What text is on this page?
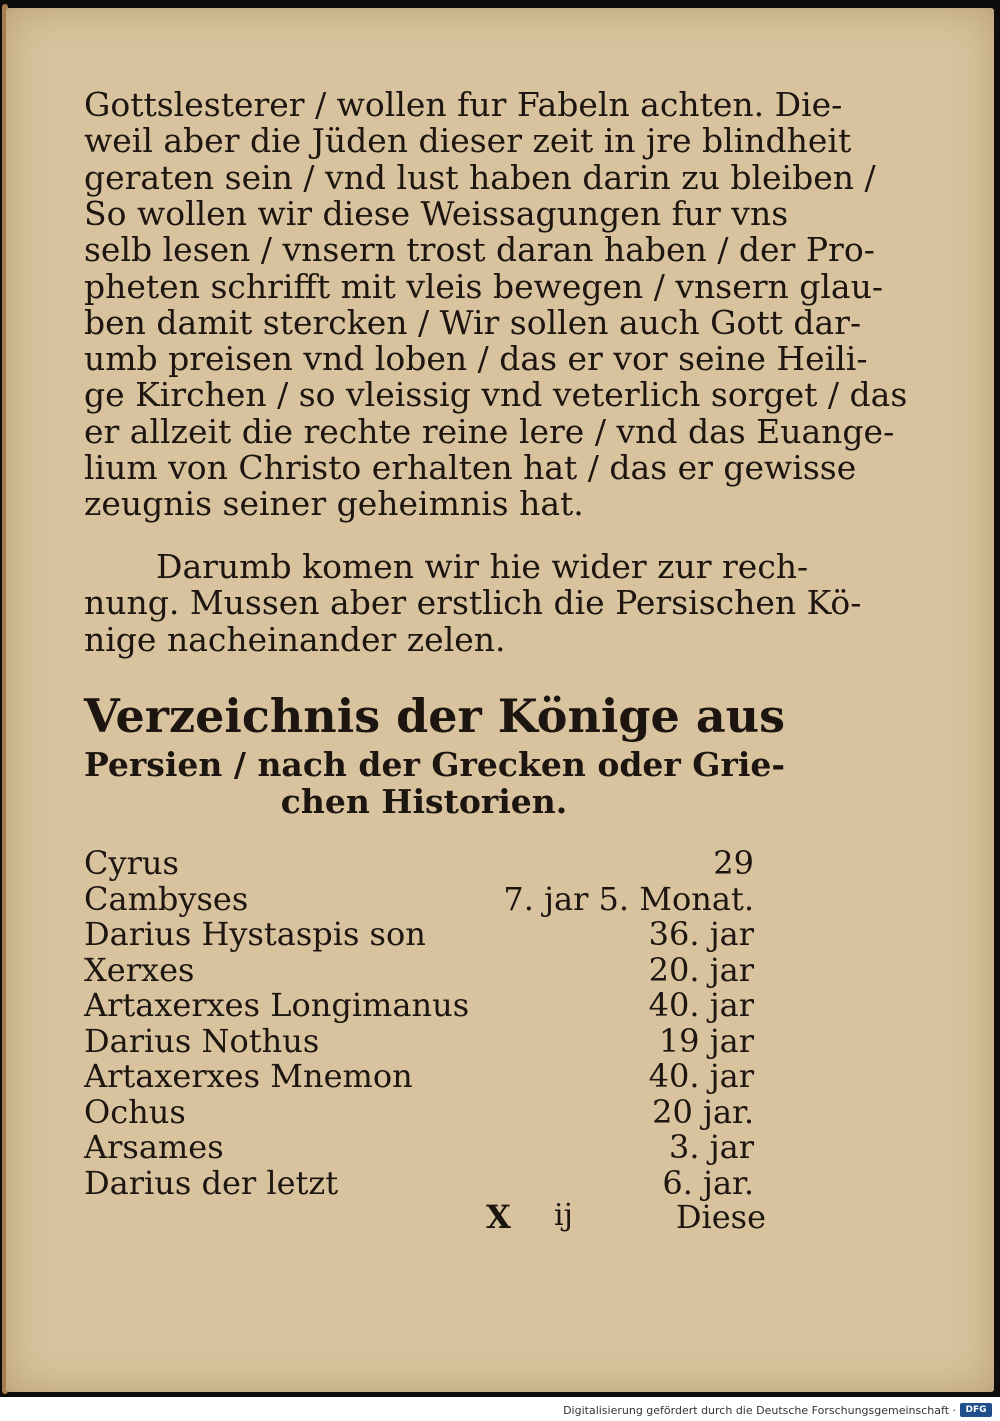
Gottslesterer / wollen fur Fabeln achten. Die-
weil aber die Jüden dieser zeit in jre blindheit
geraten sein / vnd lust haben darin zu bleiben /
So wollen wir diese Weissagungen fur vns
selb lesen / vnsern trost daran haben / der Pro-
pheten schrifft mit vleis bewegen / vnsern glau-
ben damit stercken / Wir sollen auch Gott dar-
umb preisen vnd loben / das er vor seine Heili-
ge Kirchen / so vleissig vnd veterlich sorget / das
er allzeit die rechte reine lere / vnd das Euange-
lium von Christo erhalten hat / das er gewisse
zeugnis seiner geheimnis hat.
Darumb komen wir hie wider zur rech-
nung. Mussen aber erstlich die Persischen Kö-
nige nacheinander zelen.
Verzeichnis der Könige aus
Persien / nach der Grecken oder Grie-
chen Historien.
Cyrus	29
Cambyses	7. jar 5. Monat.
Darius Hystaspis son	36. jar
Xerxes	20. jar
Artaxerxes Longimanus	40. jar
Darius Nothus	19 jar
Artaxerxes Mnemon	40. jar
Ochus	20 jar.
Arsames	3. jar
Darius der letzt	6. jar.
X ij	Diese
Digitalisierung gefördert durch die Deutsche Forschungsgemeinschaft ·	DFG
